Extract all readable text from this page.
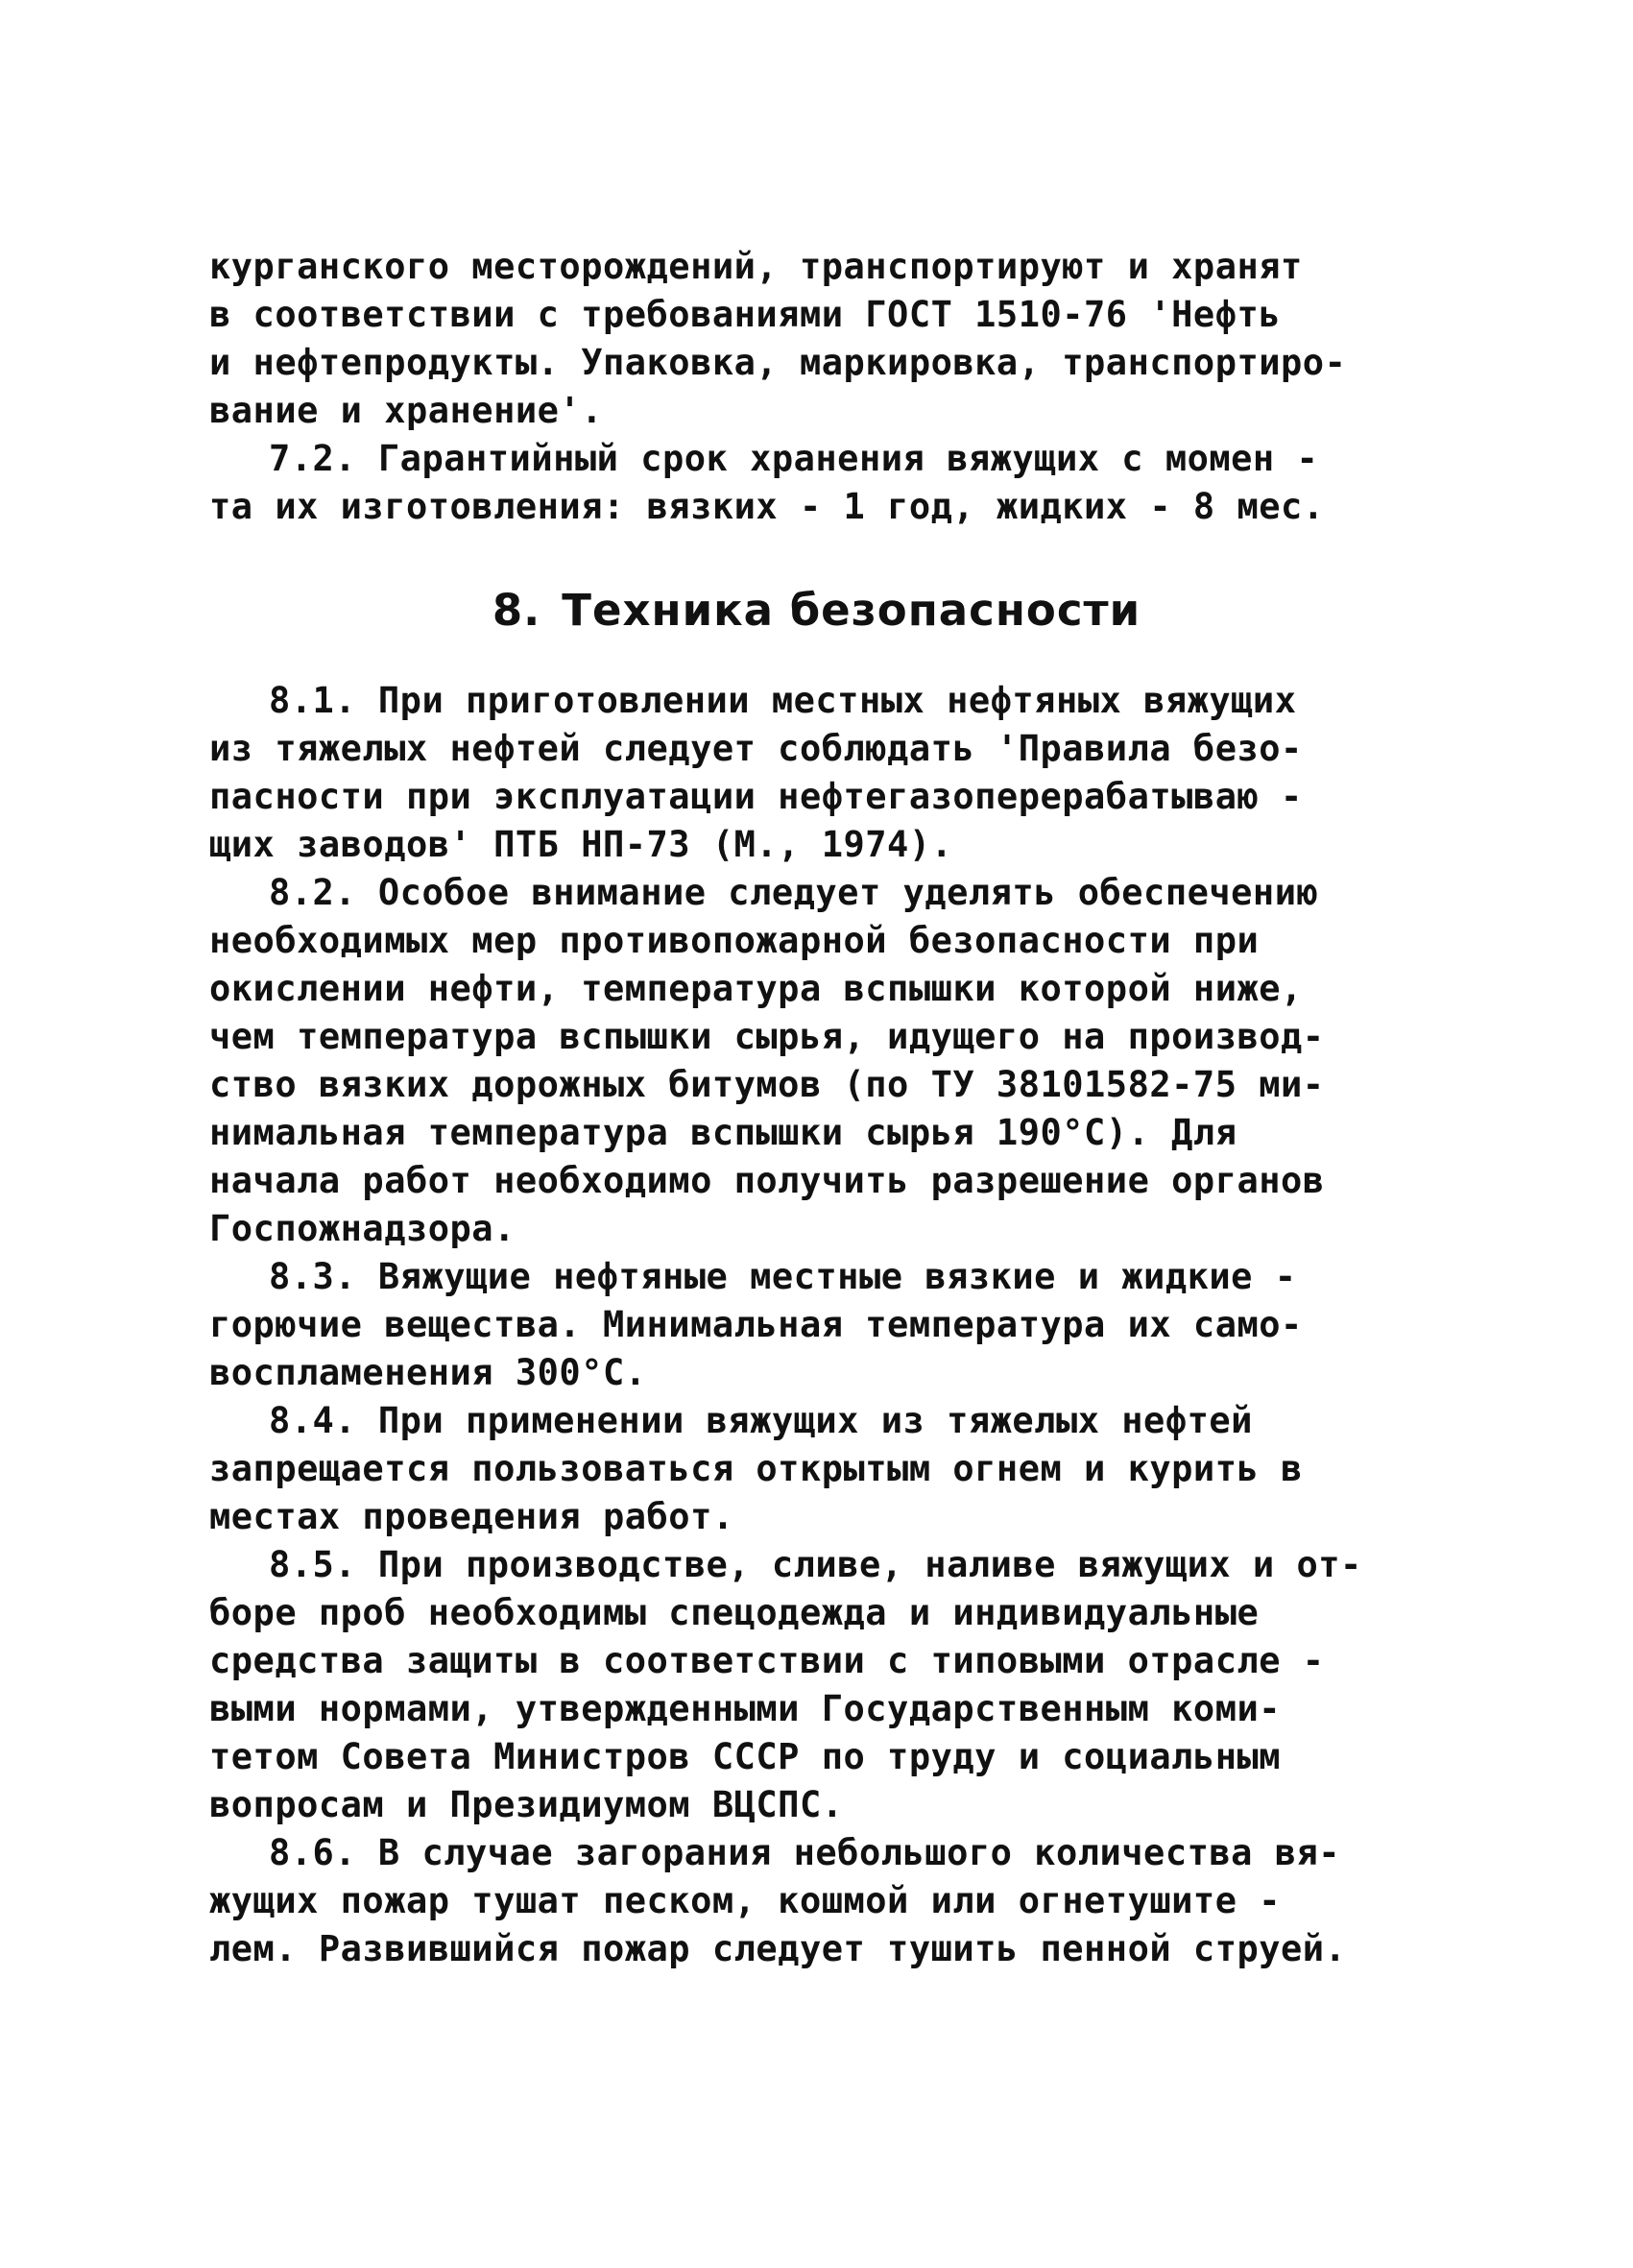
курганского месторождений, транспортируют и хранят
в соответствии с требованиями ГОСТ 1510-76 'Нефть
и нефтепродукты. Упаковка, маркировка, транспортиро-
вание и хранение'.
7.2. Гарантийный срок хранения вяжущих с момен -
та их изготовления: вязких - 1 год, жидких - 8 мес.
8. Техника безопасности
8.1. При приготовлении местных нефтяных вяжущих
из тяжелых нефтей следует соблюдать 'Правила безо-
пасности при эксплуатации нефтегазоперерабатываю -
щих заводов' ПТБ НП-73 (М., 1974).
8.2. Особое внимание следует уделять обеспечению
необходимых мер противопожарной безопасности при
окислении нефти, температура вспышки которой ниже,
чем температура вспышки сырья, идущего на производ-
ство вязких дорожных битумов (по ТУ 38101582-75 ми-
нимальная температура вспышки сырья 190°С). Для
начала работ необходимо получить разрешение органов
Госпожнадзора.
8.3. Вяжущие нефтяные местные вязкие и жидкие -
горючие вещества. Минимальная температура их само-
воспламенения 300°С.
8.4. При применении вяжущих из тяжелых нефтей
запрещается пользоваться открытым огнем и курить в
местах проведения работ.
8.5. При производстве, сливе, наливе вяжущих и от-
боре проб необходимы спецодежда и индивидуальные
средства защиты в соответствии с типовыми отрасле -
выми нормами, утвержденными Государственным коми-
тетом Совета Министров СССР по труду и социальным
вопросам и Президиумом ВЦСПС.
8.6. В случае загорания небольшого количества вя-
жущих пожар тушат песком, кошмой или огнетушите -
лем. Развившийся пожар следует тушить пенной струей.
